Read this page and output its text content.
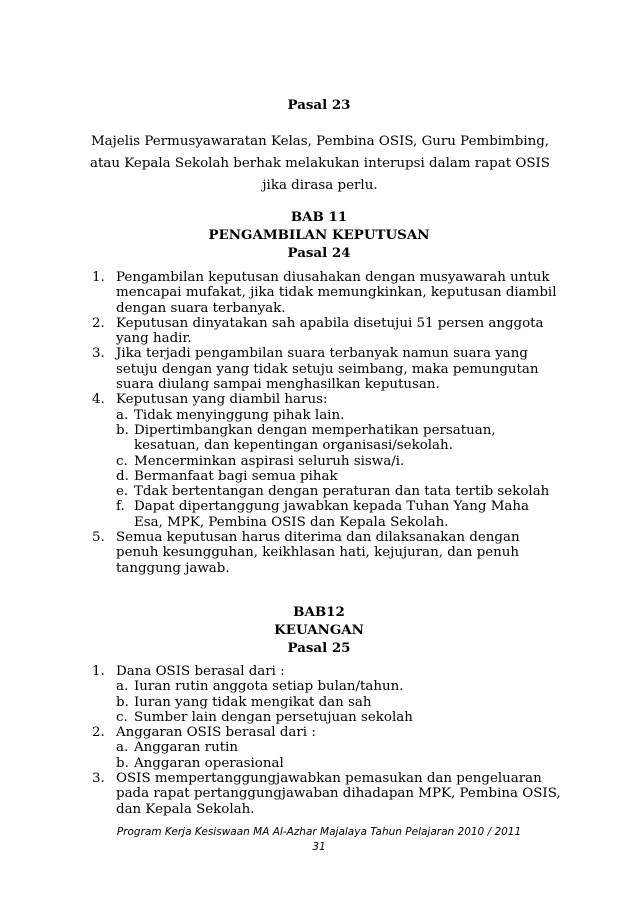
Pasal 23
Majelis Permusyawaratan Kelas, Pembina OSIS, Guru Pembimbing, atau Kepala Sekolah berhak melakukan interupsi dalam rapat OSIS jika dirasa perlu.
BAB 11
PENGAMBILAN KEPUTUSAN
Pasal 24
1. Pengambilan keputusan diusahakan dengan musyawarah untuk mencapai mufakat, jika tidak memungkinkan, keputusan diambil dengan suara terbanyak.
2. Keputusan dinyatakan sah apabila disetujui 51 persen anggota yang hadir.
3. Jika terjadi pengambilan suara terbanyak namun suara yang setuju dengan yang tidak setuju seimbang, maka pemungutan suara diulang sampai menghasilkan keputusan.
4. Keputusan yang diambil harus:
a. Tidak menyinggung pihak lain.
b. Dipertimbangkan dengan memperhatikan persatuan, kesatuan, dan kepentingan organisasi/sekolah.
c. Mencerminkan aspirasi seluruh siswa/i.
d. Bermanfaat bagi semua pihak
e. Tdak bertentangan dengan peraturan dan tata tertib sekolah
f. Dapat dipertanggung jawabkan kepada Tuhan Yang Maha Esa, MPK, Pembina OSIS dan Kepala Sekolah.
5. Semua keputusan harus diterima dan dilaksanakan dengan penuh kesungguhan, keikhlasan hati, kejujuran, dan penuh tanggung jawab.
BAB12
KEUANGAN
Pasal 25
1. Dana OSIS berasal dari :
a. Iuran rutin anggota setiap bulan/tahun.
b. Iuran yang tidak mengikat dan sah
c. Sumber lain dengan persetujuan sekolah
2. Anggaran OSIS berasal dari :
a. Anggaran rutin
b. Anggaran operasional
3. OSIS mempertanggungjawabkan pemasukan dan pengeluaran pada rapat pertanggungjawaban dihadapan MPK, Pembina OSIS, dan Kepala Sekolah.
Program Kerja Kesiswaan MA Al-Azhar Majalaya Tahun Pelajaran 2010 / 2011
31
